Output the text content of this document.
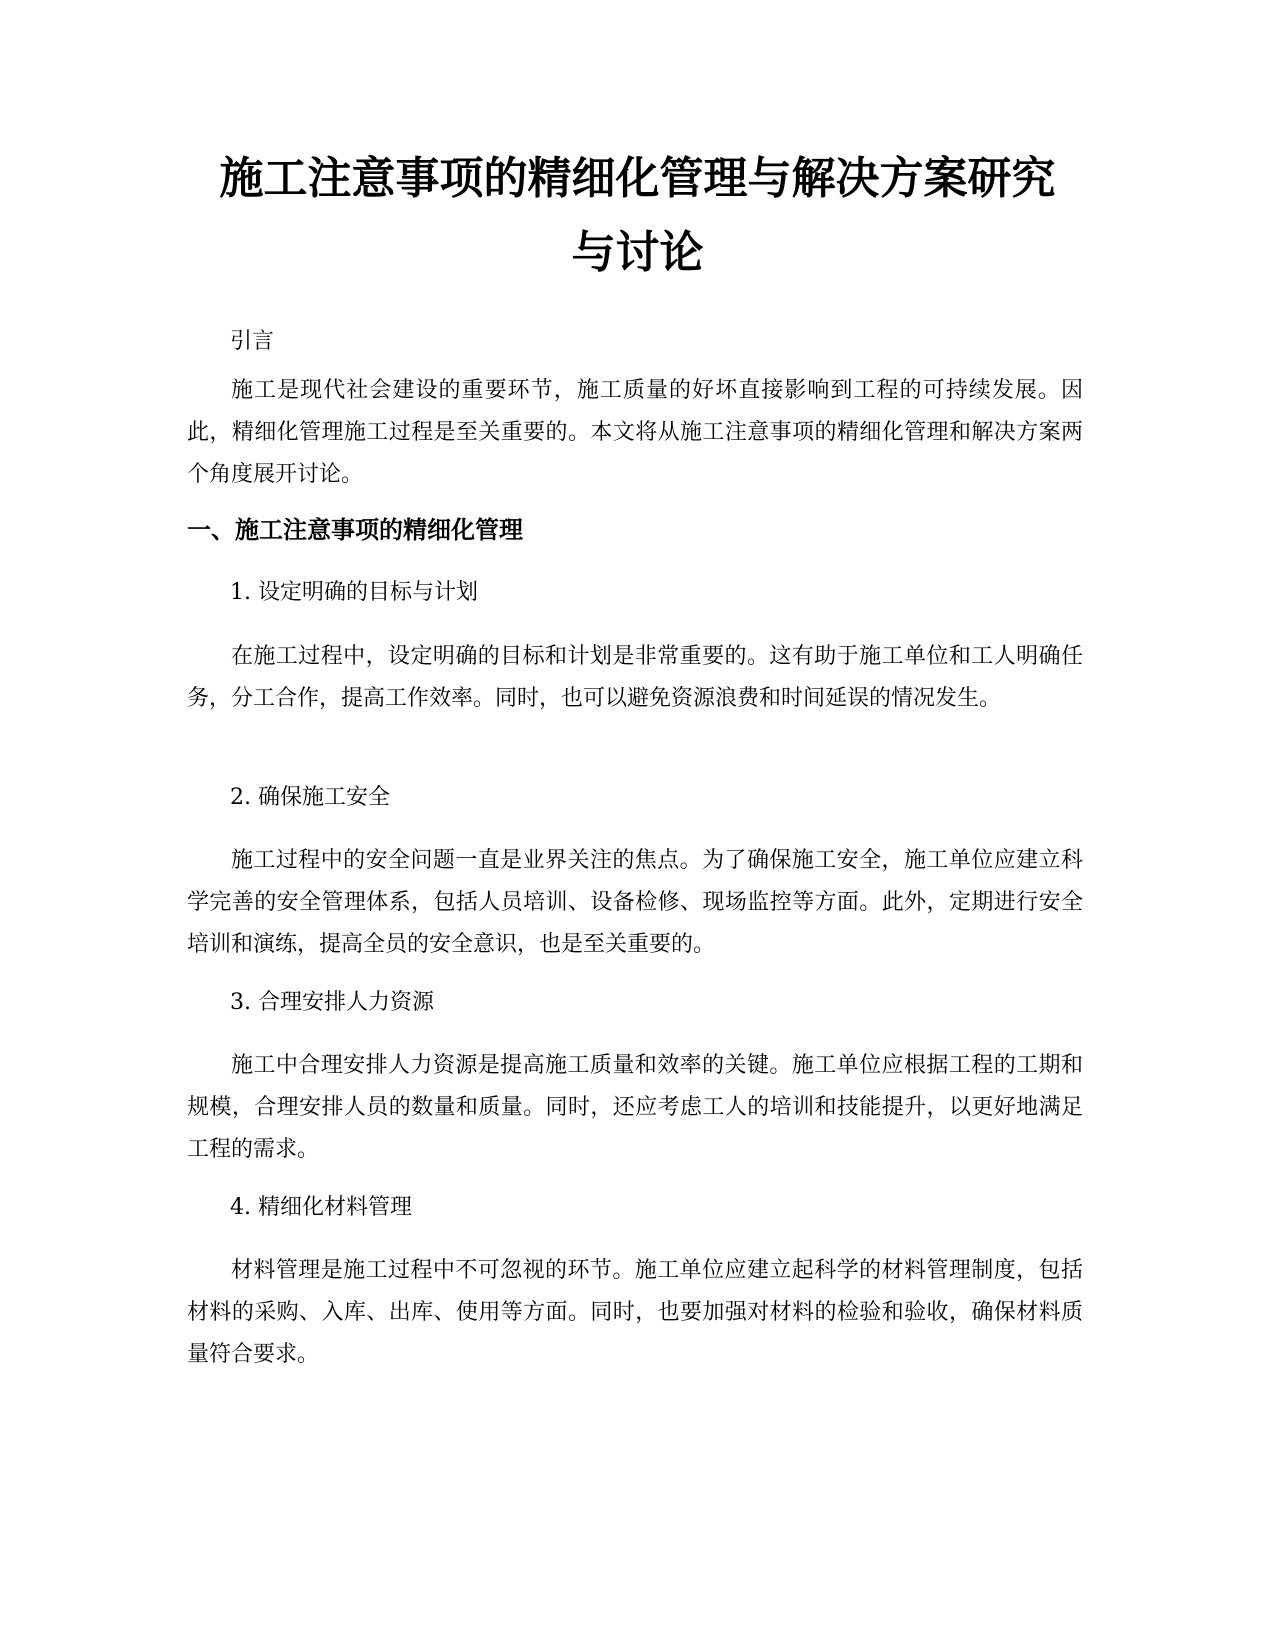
施工注意事项的精细化管理与解决方案研究
与讨论

引言

施工是现代社会建设的重要环节，施工质量的好坏直接影响到工程的可持续发展。因此，精细化管理施工过程是至关重要的。本文将从施工注意事项的精细化管理和解决方案两个角度展开讨论。

一、施工注意事项的精细化管理

1. 设定明确的目标与计划

在施工过程中，设定明确的目标和计划是非常重要的。这有助于施工单位和工人明确任务，分工合作，提高工作效率。同时，也可以避免资源浪费和时间延误的情况发生。

2. 确保施工安全

施工过程中的安全问题一直是业界关注的焦点。为了确保施工安全，施工单位应建立科学完善的安全管理体系，包括人员培训、设备检修、现场监控等方面。此外，定期进行安全培训和演练，提高全员的安全意识，也是至关重要的。

3. 合理安排人力资源

施工中合理安排人力资源是提高施工质量和效率的关键。施工单位应根据工程的工期和规模，合理安排人员的数量和质量。同时，还应考虑工人的培训和技能提升，以更好地满足工程的需求。

4. 精细化材料管理

材料管理是施工过程中不可忽视的环节。施工单位应建立起科学的材料管理制度，包括材料的采购、入库、出库、使用等方面。同时，也要加强对材料的检验和验收，确保材料质量符合要求。
